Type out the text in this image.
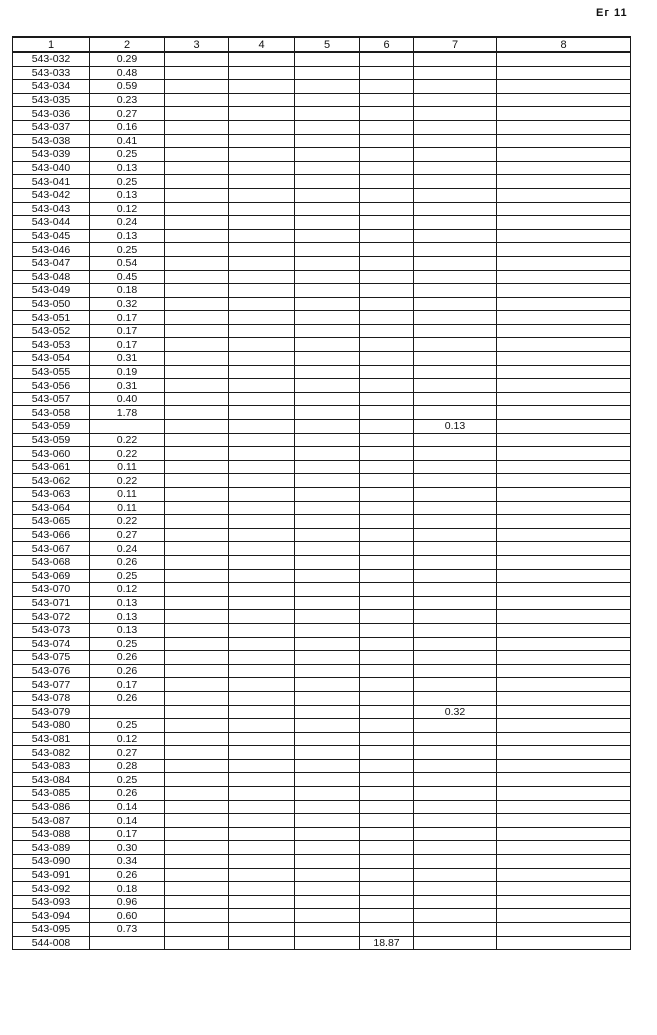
Ег 11
1	2	3	4	5	6	7	8
543-032	0.29						
543-033	0.48						
543-034	0.59						
543-035	0.23						
543-036	0.27						
543-037	0.16						
543-038	0.41						
543-039	0.25						
543-040	0.13						
543-041	0.25						
543-042	0.13						
543-043	0.12						
543-044	0.24						
543-045	0.13						
543-046	0.25						
543-047	0.54						
543-048	0.45						
543-049	0.18						
543-050	0.32						
543-051	0.17						
543-052	0.17						
543-053	0.17						
543-054	0.31						
543-055	0.19						
543-056	0.31						
543-057	0.40						
543-058	1.78						
543-059						0.13	
543-059	0.22						
543-060	0.22						
543-061	0.11						
543-062	0.22						
543-063	0.11						
543-064	0.11						
543-065	0.22						
543-066	0.27						
543-067	0.24						
543-068	0.26						
543-069	0.25						
543-070	0.12						
543-071	0.13						
543-072	0.13						
543-073	0.13						
543-074	0.25						
543-075	0.26						
543-076	0.26						
543-077	0.17						
543-078	0.26						
543-079						0.32	
543-080	0.25						
543-081	0.12						
543-082	0.27						
543-083	0.28						
543-084	0.25						
543-085	0.26						
543-086	0.14						
543-087	0.14						
543-088	0.17						
543-089	0.30						
543-090	0.34						
543-091	0.26						
543-092	0.18						
543-093	0.96						
543-094	0.60						
543-095	0.73						
544-008					18.87		
